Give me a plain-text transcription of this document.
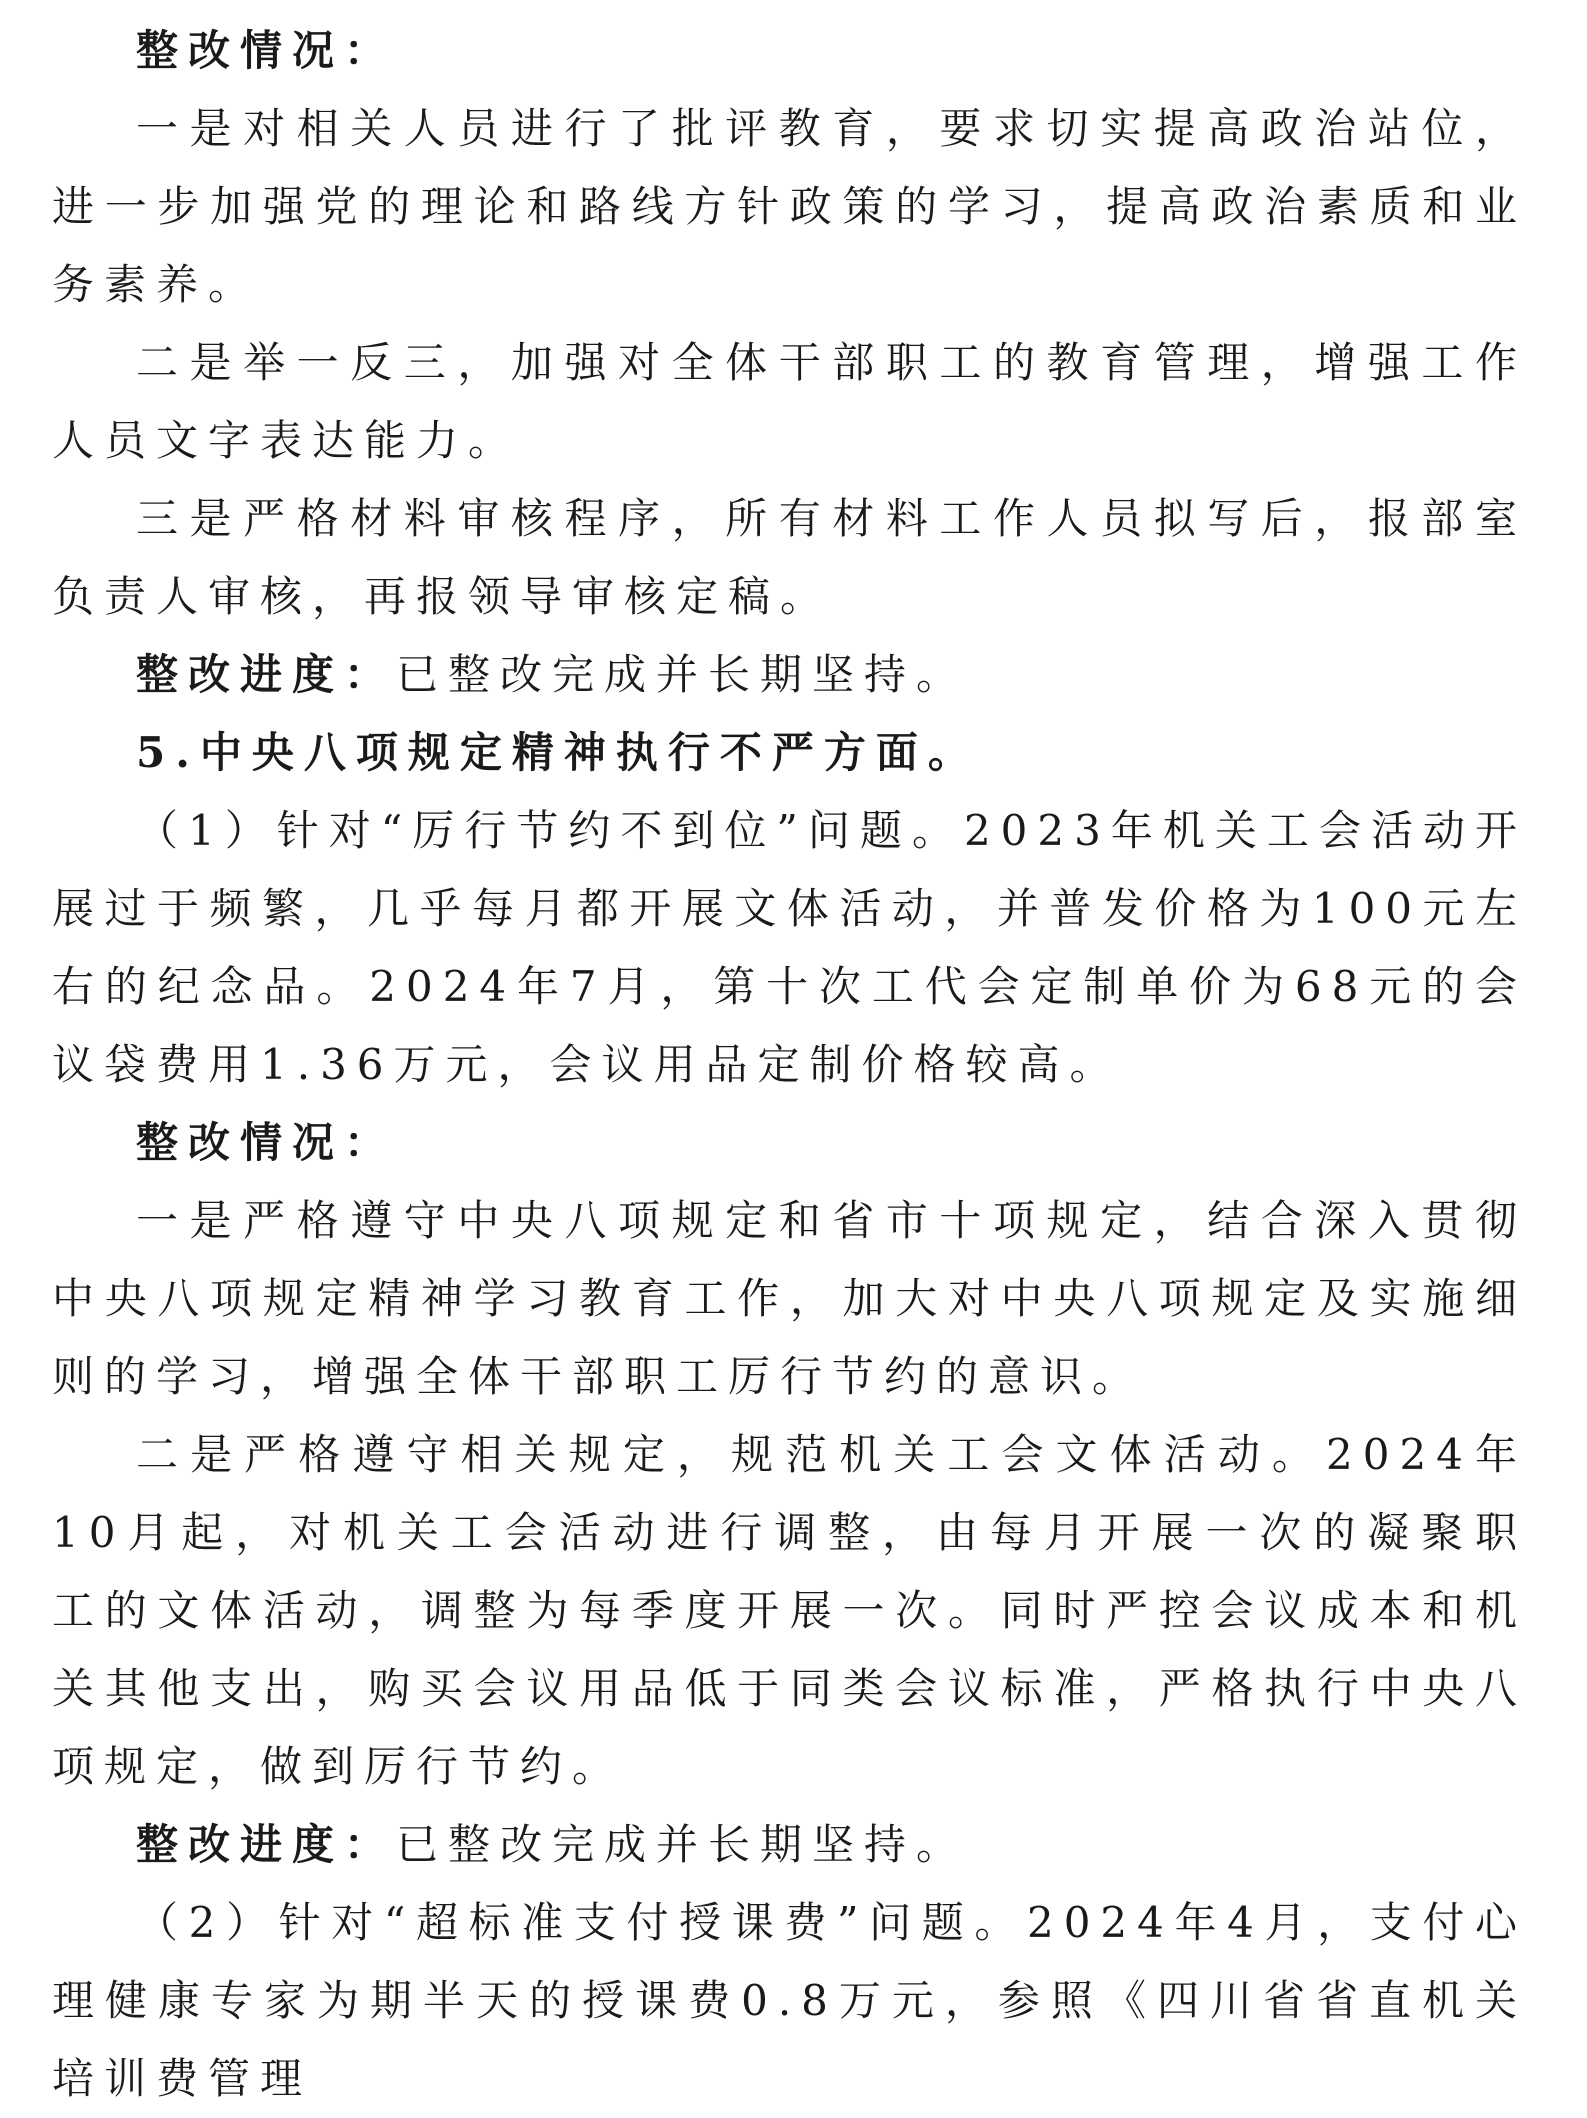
整改情况：

一是对相关人员进行了批评教育，要求切实提高政治站位，进一步加强党的理论和路线方针政策的学习，提高政治素质和业务素养。

二是举一反三，加强对全体干部职工的教育管理，增强工作人员文字表达能力。

三是严格材料审核程序，所有材料工作人员拟写后，报部室负责人审核，再报领导审核定稿。

整改进度：已整改完成并长期坚持。

5.中央八项规定精神执行不严方面。

（1）针对“厉行节约不到位”问题。2023年机关工会活动开展过于频繁，几乎每月都开展文体活动，并普发价格为100元左右的纪念品。2024年7月，第十次工代会定制单价为68元的会议袋费用1.36万元，会议用品定制价格较高。

整改情况：

一是严格遵守中央八项规定和省市十项规定，结合深入贯彻中央八项规定精神学习教育工作，加大对中央八项规定及实施细则的学习，增强全体干部职工厉行节约的意识。

二是严格遵守相关规定，规范机关工会文体活动。2024年10月起，对机关工会活动进行调整，由每月开展一次的凝聚职工的文体活动，调整为每季度开展一次。同时严控会议成本和机关其他支出，购买会议用品低于同类会议标准，严格执行中央八项规定，做到厉行节约。

整改进度：已整改完成并长期坚持。

（2）针对“超标准支付授课费”问题。2024年4月，支付心理健康专家为期半天的授课费0.8万元，参照《四川省省直机关培训费管理
